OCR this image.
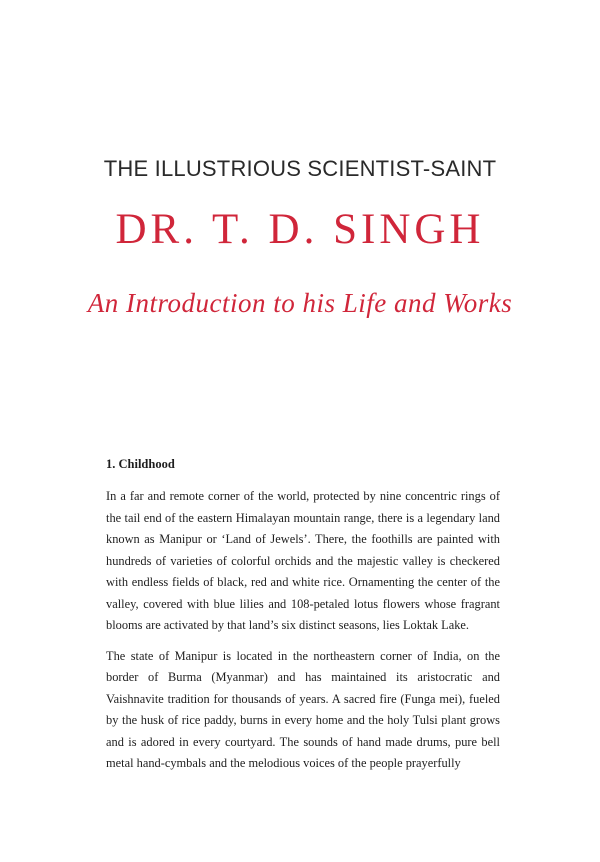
THE ILLUSTRIOUS SCIENTIST-SAINT
DR. T. D. SINGH
An Introduction to his Life and Works
1. Childhood

In a far and remote corner of the world, protected by nine concentric rings of the tail end of the eastern Himalayan mountain range, there is a legendary land known as Manipur or ‘Land of Jewels’. There, the foothills are painted with hundreds of varieties of colorful orchids and the majestic valley is checkered with endless fields of black, red and white rice. Ornamenting the center of the valley, covered with blue lilies and 108-petaled lotus flowers whose fragrant blooms are activated by that land’s six distinct seasons, lies Loktak Lake.

The state of Manipur is located in the northeastern corner of India, on the border of Burma (Myanmar) and has maintained its aristocratic and Vaishnavite tradition for thousands of years. A sacred fire (Funga mei), fueled by the husk of rice paddy, burns in every home and the holy Tulsi plant grows and is adored in every courtyard. The sounds of hand made drums, pure bell metal hand-cymbals and the melodious voices of the people prayerfully
